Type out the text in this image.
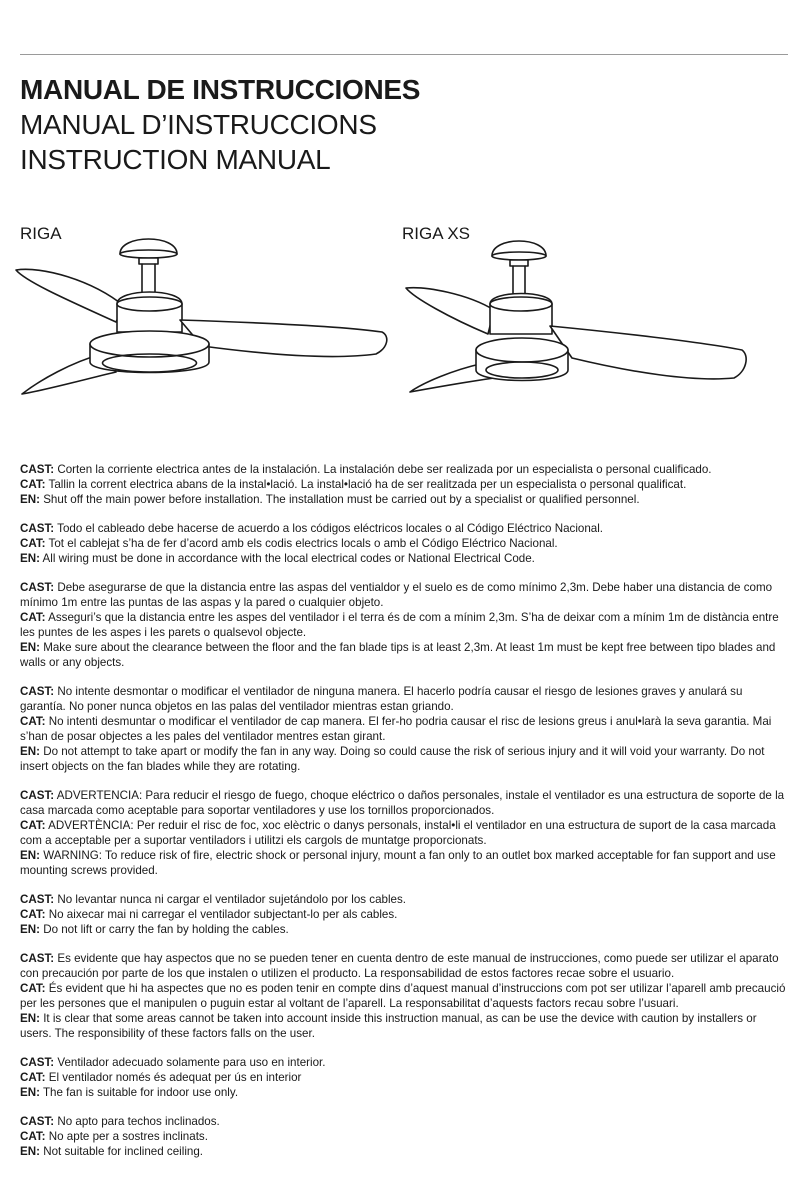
MANUAL DE INSTRUCCIONES
MANUAL D’INSTRUCCIONS
INSTRUCTION MANUAL
RIGA	RIGA XS
CAST: Corten la corriente electrica antes de la instalación. La instalación debe ser realizada por un especialista o personal cualificado.
CAT: Tallin la corrent electrica abans de la instal•lació. La instal•lació ha de ser realitzada per un especialista o personal qualificat.
EN: Shut off the main power before installation. The installation must be carried out by a specialist or qualified personnel.
CAST: Todo el cableado debe hacerse de acuerdo a los códigos eléctricos locales o al Código Eléctrico Nacional.
CAT: Tot el cablejat s’ha de fer d’acord amb els codis electrics locals o amb el Código Eléctrico Nacional.
EN: All wiring must be done in accordance with the local electrical codes or National Electrical Code.
CAST: Debe asegurarse de que la distancia entre las aspas del ventialdor y el suelo es de como mínimo 2,3m. Debe haber una distancia de como mínimo 1m entre las puntas de las aspas y la pared o cualquier objeto.
CAT: Asseguri’s que la distancia entre les aspes del ventilador i el terra és de com a mínim 2,3m. S’ha de deixar com a mínim 1m de distància entre les puntes de les aspes i les parets o qualsevol objecte.
EN: Make sure about the clearance between the floor and the fan blade tips is at least 2,3m. At least 1m must be kept free between tipo blades and walls or any objects.
CAST: No intente desmontar o modificar el ventilador de ninguna manera. El hacerlo podría causar el riesgo de lesiones graves y anulará su garantía. No poner nunca objetos en las palas del ventilador mientras estan griando.
CAT: No intenti desmuntar o modificar el ventilador de cap manera. El fer-ho podria causar el risc de lesions greus i anul•larà la seva garantia. Mai s’han de posar objectes a les pales del ventilador mentres estan girant.
EN: Do not attempt to take apart or modify the fan in any way. Doing so could cause the risk of serious injury and it will void your warranty. Do not insert objects on the fan blades while they are rotating.
CAST: ADVERTENCIA: Para reducir el riesgo de fuego, choque eléctrico o daños personales, instale el ventilador es una estructura de soporte de la casa marcada como aceptable para soportar ventiladores y use los tornillos proporcionados.
CAT: ADVERTÈNCIA: Per reduir el risc de foc, xoc elèctric o danys personals, instal•li el ventilador en una estructura de suport de la casa marcada com a acceptable per a suportar ventiladors i utilitzi els cargols de muntatge proporcionats.
EN: WARNING: To reduce risk of fire, electric shock or personal injury, mount a fan only to an outlet box marked acceptable for fan support and use mounting screws provided.
CAST: No levantar nunca ni cargar el ventilador sujetándolo por los cables.
CAT: No aixecar mai ni carregar el ventilador subjectant-lo per als cables.
EN: Do not lift or carry the fan by holding the cables.
CAST: Es evidente que hay aspectos que no se pueden tener en cuenta dentro de este manual de instrucciones, como puede ser utilizar el aparato con precaución por parte de los que instalen o utilizen el producto. La responsabilidad de estos factores recae sobre el usuario.
CAT: És evident que hi ha aspectes que no es poden tenir en compte dins d’aquest manual d’instruccions com pot ser utilizar l’aparell amb precaució per les persones que el manipulen o puguin estar al voltant de l’aparell. La responsabilitat d’aquests factors recau sobre l’usuari.
EN: It is clear that some areas cannot be taken into account inside this instruction manual, as can be use the device with caution by installers or users. The responsibility of these factors falls on the user.
CAST: Ventilador adecuado solamente para uso en interior.
CAT: El ventilador només és adequat per ús en interior
EN: The fan is suitable for indoor use only.
CAST: No apto para techos inclinados.
CAT: No apte per a sostres inclinats.
EN: Not suitable for inclined ceiling.
